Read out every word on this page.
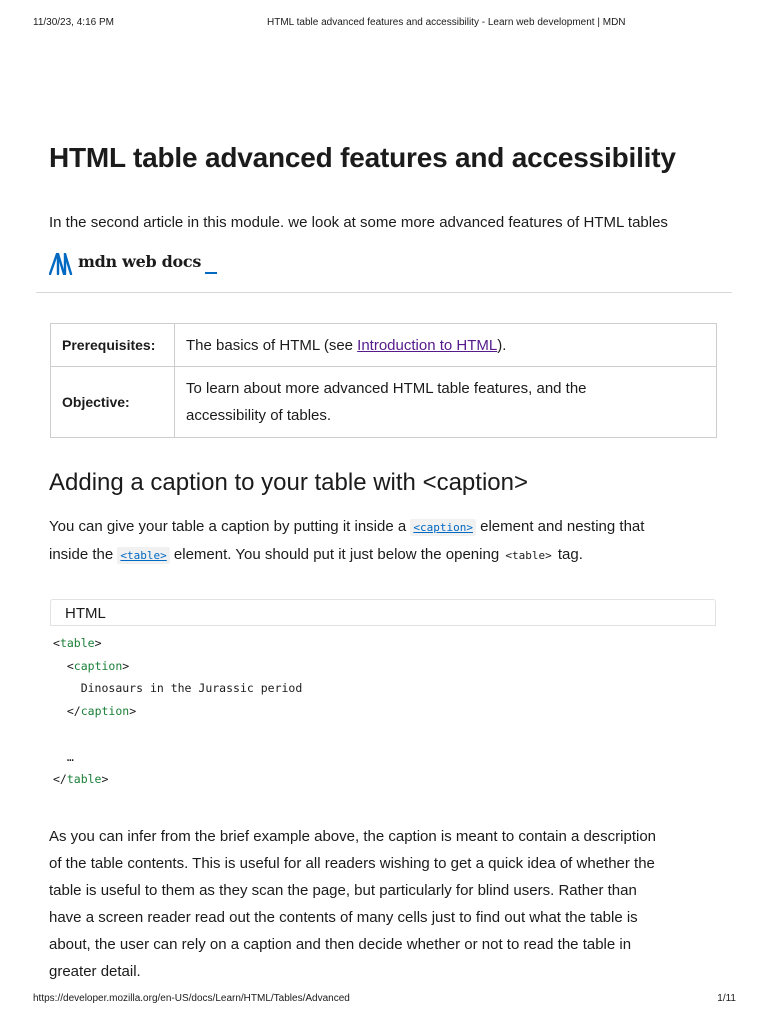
11/30/23, 4:16 PM	HTML table advanced features and accessibility - Learn web development | MDN
HTML table advanced features and accessibility
In the second article in this module. we look at some more advanced features of HTML tables
mdn web docs
Prerequisites:	The basics of HTML (see Introduction to HTML).
Objective:	To learn about more advanced HTML table features, and the
accessibility of tables.
Adding a caption to your table with <caption>

You can give your table a caption by putting it inside a <caption> element and nesting that
inside the <table> element. You should put it just below the opening <table> tag.

HTML
<table>
<caption>
Dinosaurs in the Jurassic period
</caption>

…
</table>

As you can infer from the brief example above, the caption is meant to contain a description
of the table contents. This is useful for all readers wishing to get a quick idea of whether the
table is useful to them as they scan the page, but particularly for blind users. Rather than
have a screen reader read out the contents of many cells just to find out what the table is
about, the user can rely on a caption and then decide whether or not to read the table in
greater detail.

https://developer.mozilla.org/en-US/docs/Learn/HTML/Tables/Advanced	1/11
